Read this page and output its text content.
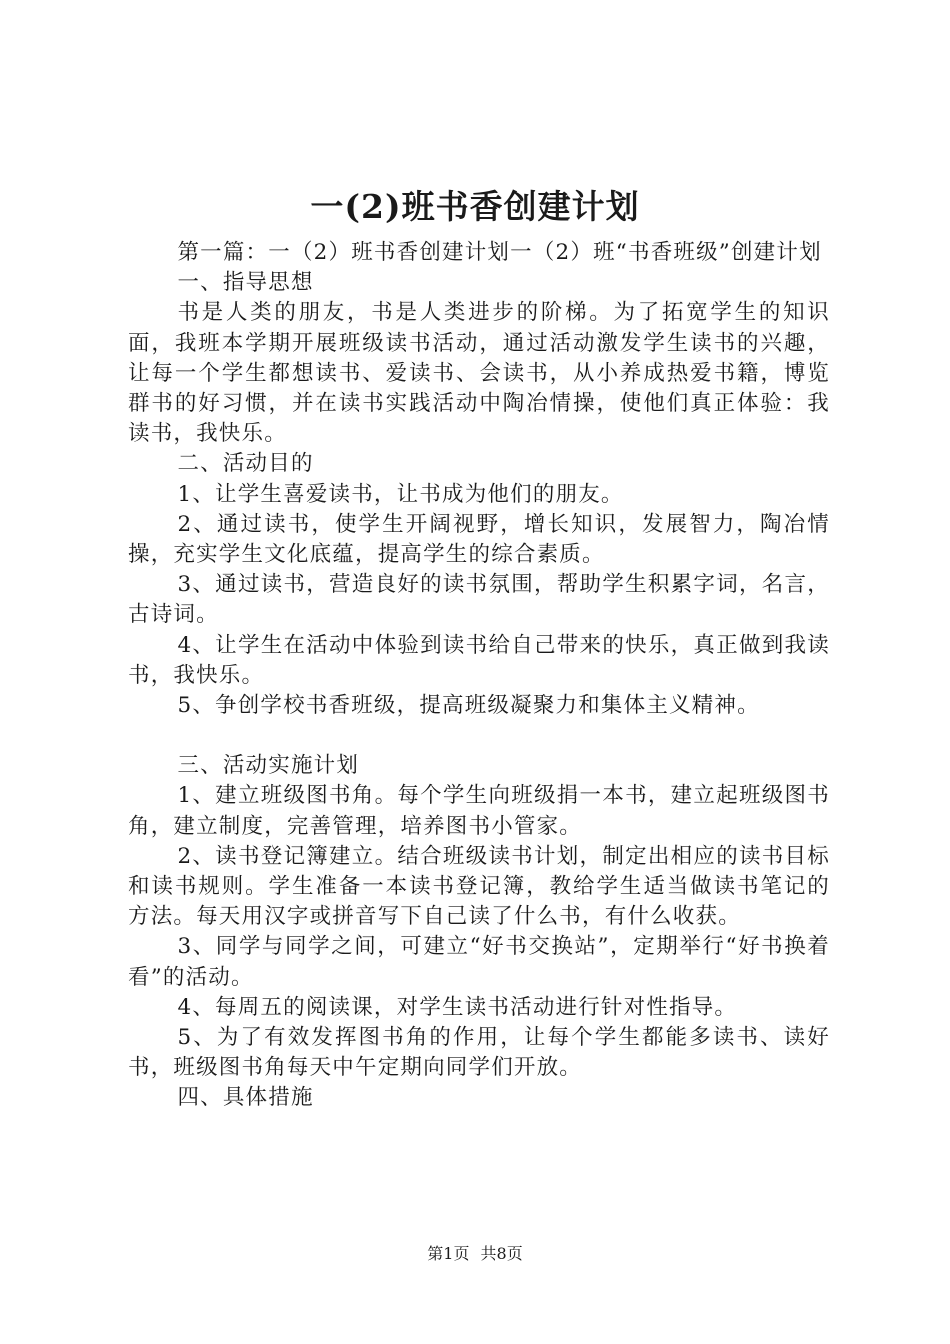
一(2)班书香创建计划

第一篇：一（2）班书香创建计划一（2）班“书香班级”创建计划

一、指导思想

书是人类的朋友，书是人类进步的阶梯。为了拓宽学生的知识面，我班本学期开展班级读书活动，通过活动激发学生读书的兴趣，让每一个学生都想读书、爱读书、会读书，从小养成热爱书籍，博览群书的好习惯，并在读书实践活动中陶冶情操，使他们真正体验：我读书，我快乐。

二、活动目的

1、让学生喜爱读书，让书成为他们的朋友。

2、通过读书，使学生开阔视野，增长知识，发展智力，陶冶情操，充实学生文化底蕴，提高学生的综合素质。

3、通过读书，营造良好的读书氛围，帮助学生积累字词，名言，古诗词。

4、让学生在活动中体验到读书给自己带来的快乐，真正做到我读书，我快乐。

5、争创学校书香班级，提高班级凝聚力和集体主义精神。

三、活动实施计划

1、建立班级图书角。每个学生向班级捐一本书，建立起班级图书角，建立制度，完善管理，培养图书小管家。

2、读书登记簿建立。结合班级读书计划，制定出相应的读书目标和读书规则。学生准备一本读书登记簿，教给学生适当做读书笔记的方法。每天用汉字或拼音写下自己读了什么书，有什么收获。

3、同学与同学之间，可建立“好书交换站”，定期举行“好书换着看”的活动。

4、每周五的阅读课，对学生读书活动进行针对性指导。

5、为了有效发挥图书角的作用，让每个学生都能多读书、读好书，班级图书角每天中午定期向同学们开放。

四、具体措施

第1页 共8页
